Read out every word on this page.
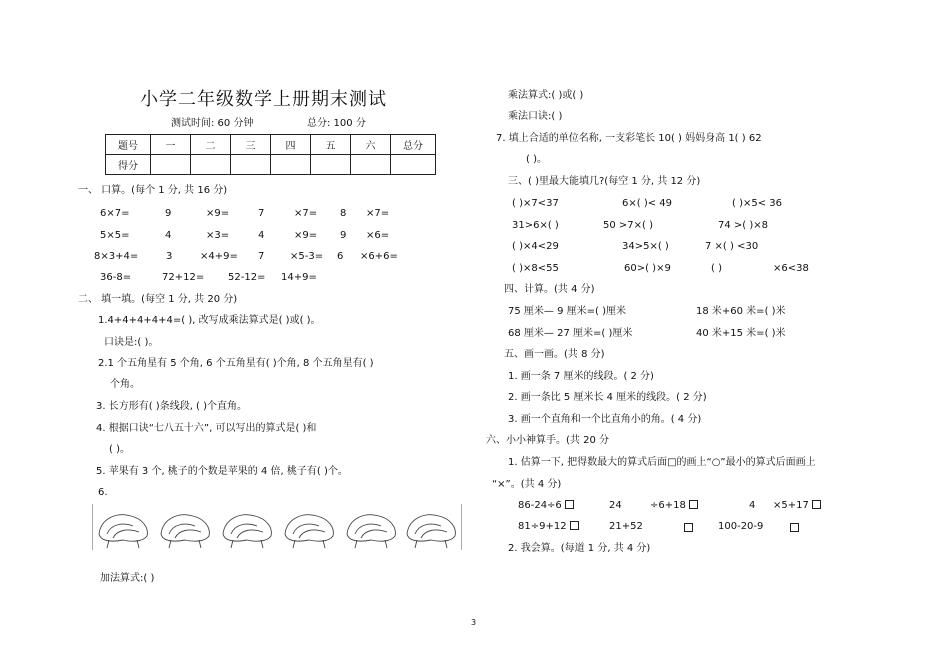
小学二年级数学上册期末测试
测试时间: 60 分钟	总分: 100 分
题号	一	二	三	四	五	六	总分
得分							
一、 口算。(每个 1 分, 共 16 分)
6×7=	9	×9=	7	×7= 8 ×7=
5×5=	4	×3=	4	×9= 9 ×6=
8×3+4=	3	×4+9= 7	×5-3= 6 ×6+6=
36-8=	72+12= 52-12= 14+9=
二、 填一填。(每空 1 分, 共 20 分)
1.4+4+4+4+4=( ), 改写成乘法算式是( )或( )。
口诀是:( )。
2.1 个五角星有 5 个角, 6 个五角星有( )个角, 8 个五角星有( )
个角。
3. 长方形有( )条线段, ( )个直角。
4. 根据口诀“七八五十六”, 可以写出的算式是( )和
( )。
5. 苹果有 3 个, 桃子的个数是苹果的 4 倍, 桃子有( )个。
6.
加法算式:( )
乘法算式:( )或( )
乘法口诀:( )
7. 填上合适的单位名称, 一支彩笔长 10( ) 妈妈身高 1( ) 62
( )。
三、( )里最大能填几?(每空 1 分, 共 12 分)
( )×7<37	6×( )< 49	( )×5< 36
31>6×( )	50 >7×( )	74 >( )×8
( )×4<29	34>5×( )	7 ×( ) <30
( )×8<55	60>( )×9	( )	×6<38
四、计算。(共 4 分)
75 厘米— 9 厘米=( )厘米	18 米+60 米=( )米
68 厘米— 27 厘米=( )厘米	40 米+15 米=( )米
五、画一画。(共 8 分)
1. 画一条 7 厘米的线段。( 2 分)
2. 画一条比 5 厘米长 4 厘米的线段。( 2 分)
3. 画一个直角和一个比直角小的角。( 4 分)
六、小小神算手。(共 20 分
1. 估算一下, 把得数最大的算式后面□的画上“○”最小的算式后面画上
“×”。(共 4 分)
86-24÷6	24	÷6+18	4 ×5+17
81÷9+12	21+52	100-20-9
2. 我会算。(每道 1 分, 共 4 分)
3
